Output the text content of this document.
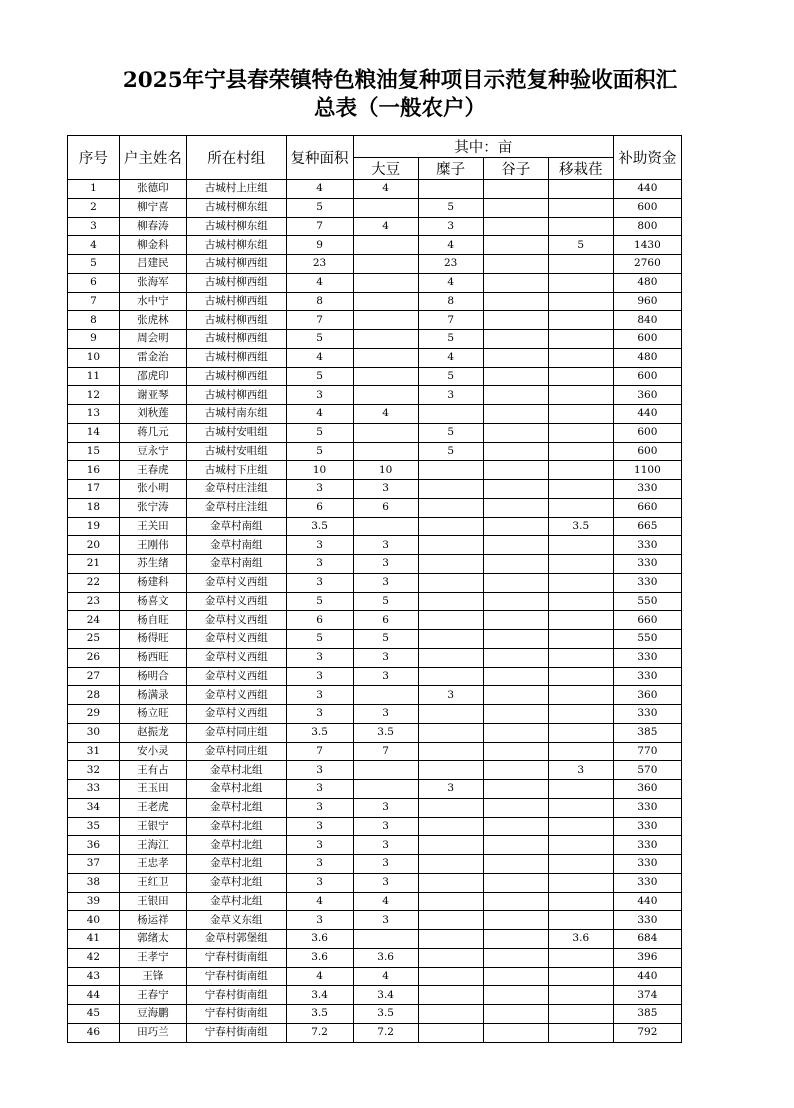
2025年宁县春荣镇特色粮油复种项目示范复种验收面积汇
总表（一般农户）
序号	户主姓名	所在村组	复种面积	其中：亩				补助资金
				大豆	糜子	谷子	移栽荏	
1	张德印	古城村上庄组	4	4				440
2	柳宁喜	古城村柳东组	5		5			600
3	柳春涛	古城村柳东组	7	4	3			800
4	柳金科	古城村柳东组	9		4		5	1430
5	吕建民	古城村柳西组	23		23			2760
6	张海军	古城村柳西组	4		4			480
7	水中宁	古城村柳西组	8		8			960
8	张虎林	古城村柳西组	7		7			840
9	周会明	古城村柳西组	5		5			600
10	雷金治	古城村柳西组	4		4			480
11	邵虎印	古城村柳西组	5		5			600
12	谢亚琴	古城村柳西组	3		3			360
13	刘秋莲	古城村南东组	4	4				440
14	蒋几元	古城村安咀组	5		5			600
15	豆永宁	古城村安咀组	5		5			600
16	王春虎	古城村下庄组	10	10				1100
17	张小明	金草村庄洼组	3	3				330
18	张宁涛	金草村庄洼组	6	6				660
19	王关田	金草村南组	3.5				3.5	665
20	王刚伟	金草村南组	3	3				330
21	苏生绪	金草村南组	3	3				330
22	杨建科	金草村义西组	3	3				330
23	杨喜文	金草村义西组	5	5				550
24	杨自旺	金草村义西组	6	6				660
25	杨得旺	金草村义西组	5	5				550
26	杨西旺	金草村义西组	3	3				330
27	杨明合	金草村义西组	3	3				330
28	杨满录	金草村义西组	3		3			360
29	杨立旺	金草村义西组	3	3				330
30	赵振龙	金草村同庄组	3.5	3.5				385
31	安小灵	金草村同庄组	7	7				770
32	王有占	金草村北组	3				3	570
33	王玉田	金草村北组	3		3			360
34	王老虎	金草村北组	3	3				330
35	王银宁	金草村北组	3	3				330
36	王海江	金草村北组	3	3				330
37	王忠孝	金草村北组	3	3				330
38	王红卫	金草村北组	3	3				330
39	王银田	金草村北组	4	4				440
40	杨运祥	金草义东组	3	3				330
41	郭绪太	金草村郭堡组	3.6				3.6	684
42	王孝宁	宁春村街南组	3.6	3.6				396
43	王锋	宁春村街南组	4	4				440
44	王春宁	宁春村街南组	3.4	3.4				374
45	豆海鹏	宁春村街南组	3.5	3.5				385
46	田巧兰	宁春村街南组	7.2	7.2				792
